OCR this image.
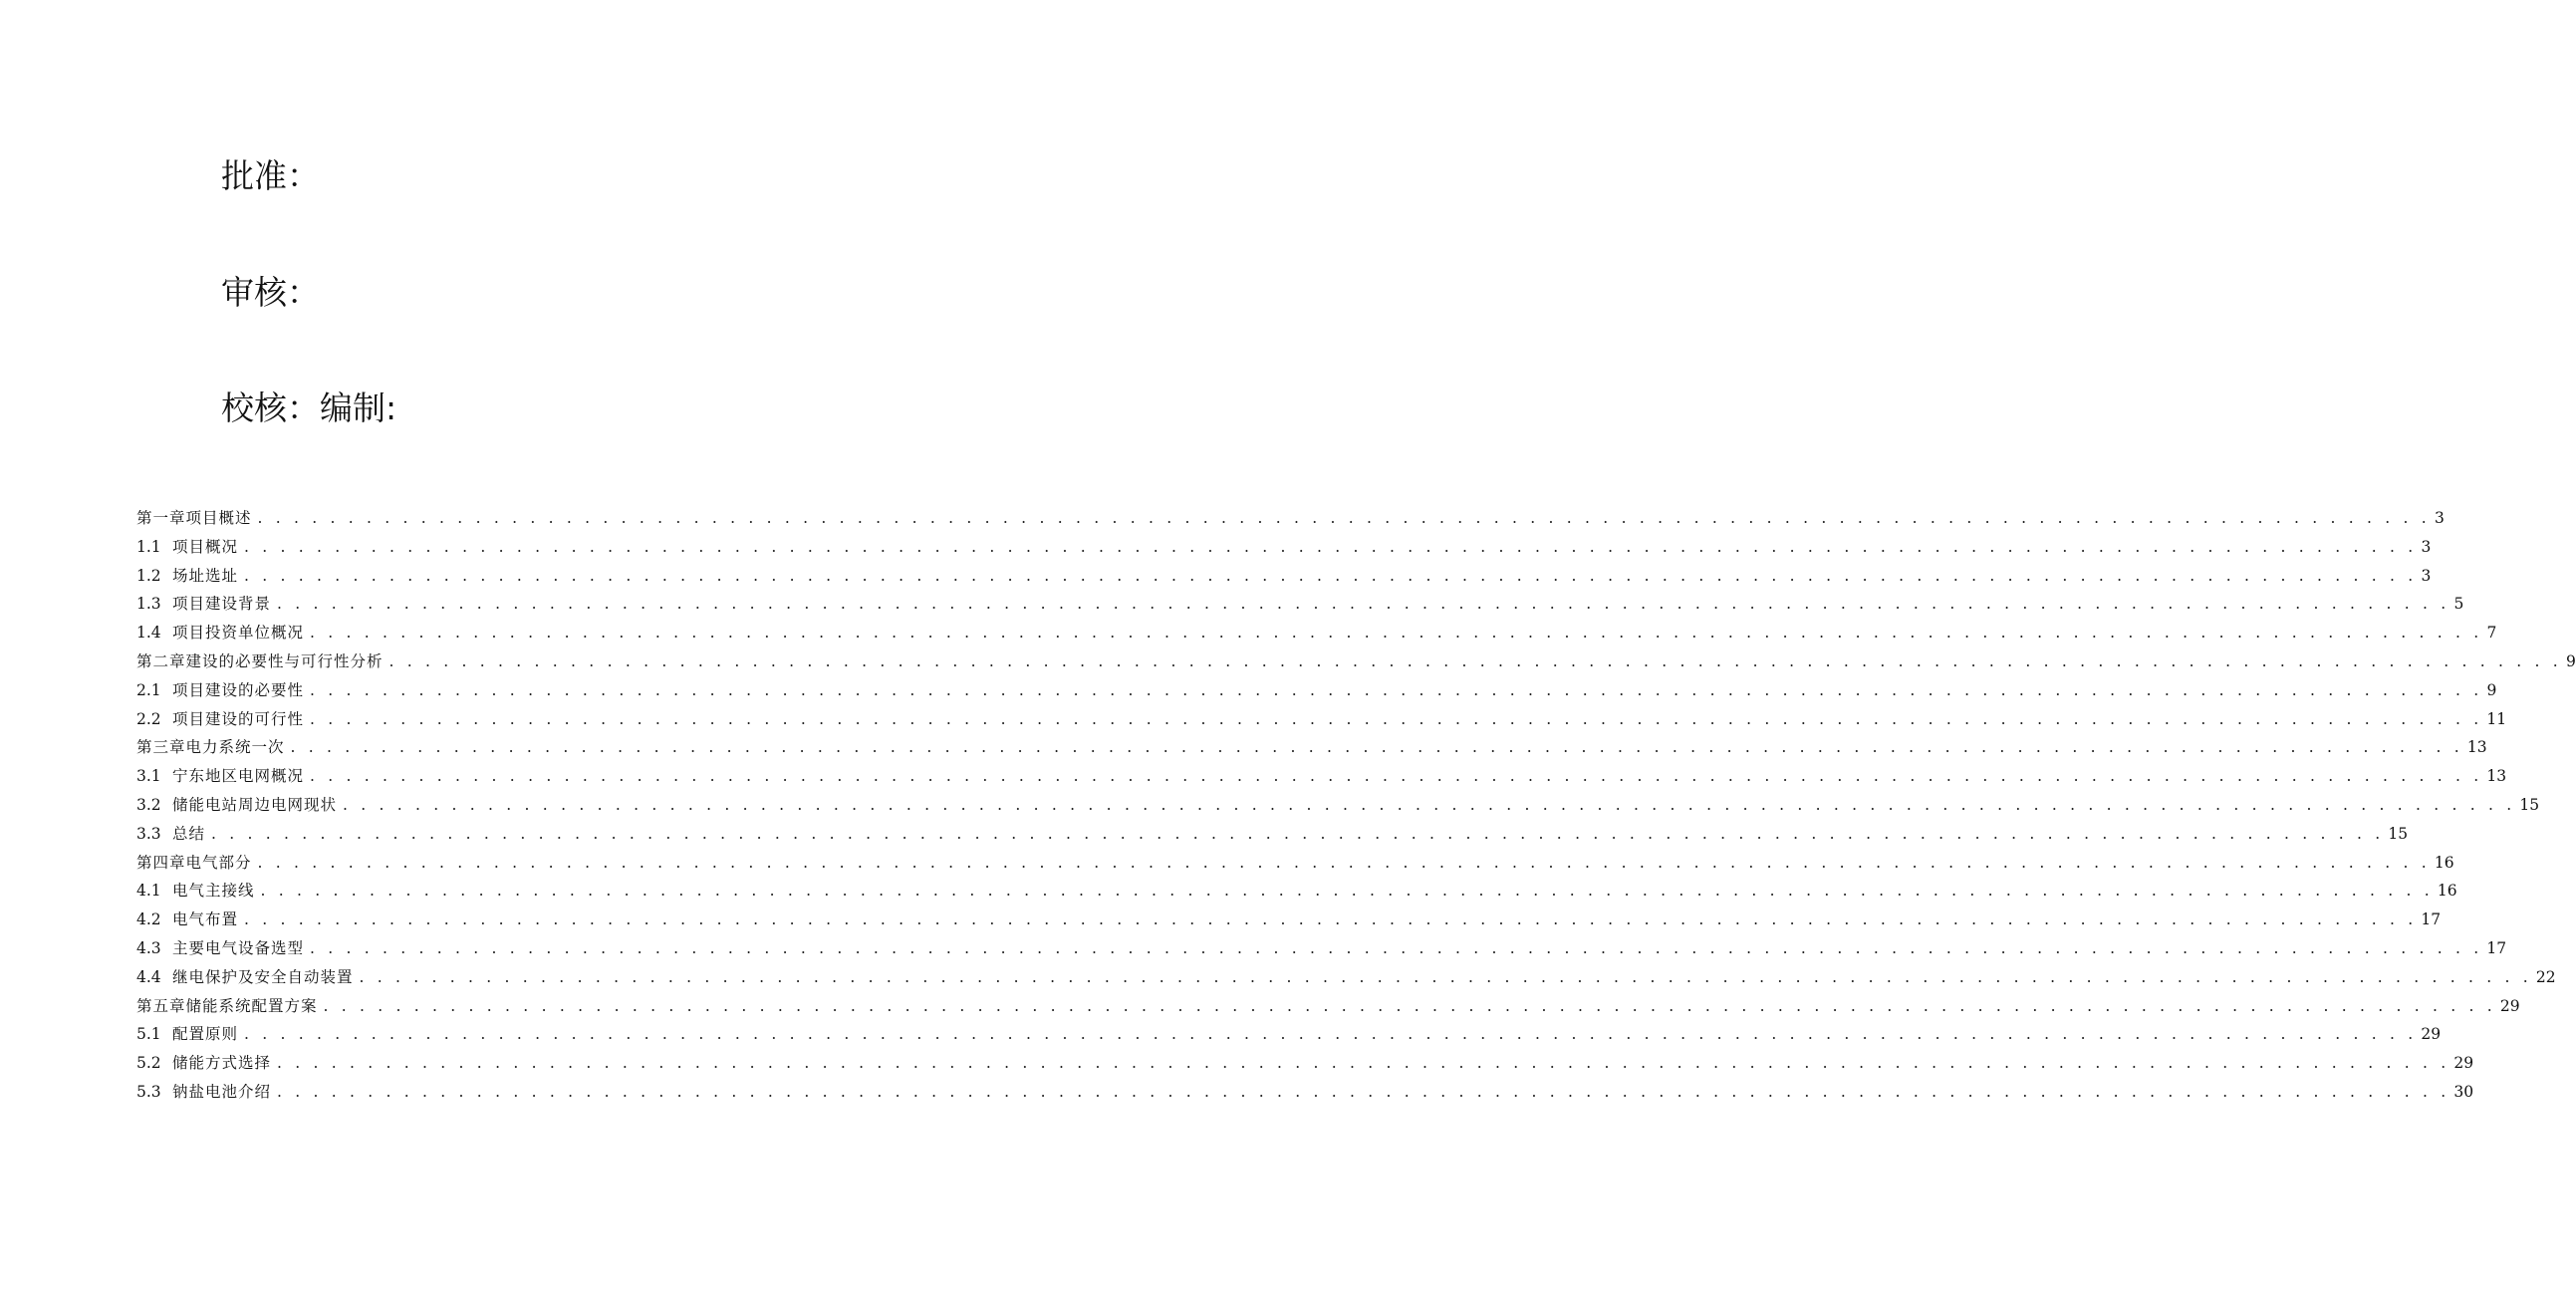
批准：
审核：
校核：编制:
第一章项目概述 . . . . . . . . . . . . . . . . . . . . . . . . . . . . . . . . . . . . . . . . . . . . . . . . . . . . . . . . . . . . . . . . . . . . . . . . . . . . . . . . . . . . . . . . . . . . . . . . . . . . . . . . . . . . . . . . . . . . . . . . 3
1.1 项目概况 . . . . . . . . . . . . . . . . . . . . . . . . . . . . . . . . . . . . . . . . . . . . . . . . . . . . . . . . . . . . . . . . . . . . . . . . . . . . . . . . . . . . . . . . . . . . . . . . . . . . . . . . . . . . . . . . . . . . . . . . 3
1.2 场址选址 . . . . . . . . . . . . . . . . . . . . . . . . . . . . . . . . . . . . . . . . . . . . . . . . . . . . . . . . . . . . . . . . . . . . . . . . . . . . . . . . . . . . . . . . . . . . . . . . . . . . . . . . . . . . . . . . . . . . . . . . 3
1.3 项目建设背景 . . . . . . . . . . . . . . . . . . . . . . . . . . . . . . . . . . . . . . . . . . . . . . . . . . . . . . . . . . . . . . . . . . . . . . . . . . . . . . . . . . . . . . . . . . . . . . . . . . . . . . . . . . . . . . . . . . . . . . . . 5
1.4 项目投资单位概况 . . . . . . . . . . . . . . . . . . . . . . . . . . . . . . . . . . . . . . . . . . . . . . . . . . . . . . . . . . . . . . . . . . . . . . . . . . . . . . . . . . . . . . . . . . . . . . . . . . . . . . . . . . . . . . . . . . . . . . . . 7
第二章建设的必要性与可行性分析 . . . . . . . . . . . . . . . . . . . . . . . . . . . . . . . . . . . . . . . . . . . . . . . . . . . . . . . . . . . . . . . . . . . . . . . . . . . . . . . . . . . . . . . . . . . . . . . . . . . . . . . . . . . . . . . . . . . . . . . . 9
2.1 项目建设的必要性 . . . . . . . . . . . . . . . . . . . . . . . . . . . . . . . . . . . . . . . . . . . . . . . . . . . . . . . . . . . . . . . . . . . . . . . . . . . . . . . . . . . . . . . . . . . . . . . . . . . . . . . . . . . . . . . . . . . . . . . . 9
2.2 项目建设的可行性 . . . . . . . . . . . . . . . . . . . . . . . . . . . . . . . . . . . . . . . . . . . . . . . . . . . . . . . . . . . . . . . . . . . . . . . . . . . . . . . . . . . . . . . . . . . . . . . . . . . . . . . . . . . . . . . . . . . . . . . . 11
第三章电力系统一次 . . . . . . . . . . . . . . . . . . . . . . . . . . . . . . . . . . . . . . . . . . . . . . . . . . . . . . . . . . . . . . . . . . . . . . . . . . . . . . . . . . . . . . . . . . . . . . . . . . . . . . . . . . . . . . . . . . . . . . . . 13
3.1 宁东地区电网概况 . . . . . . . . . . . . . . . . . . . . . . . . . . . . . . . . . . . . . . . . . . . . . . . . . . . . . . . . . . . . . . . . . . . . . . . . . . . . . . . . . . . . . . . . . . . . . . . . . . . . . . . . . . . . . . . . . . . . . . . . 13
3.2 储能电站周边电网现状 . . . . . . . . . . . . . . . . . . . . . . . . . . . . . . . . . . . . . . . . . . . . . . . . . . . . . . . . . . . . . . . . . . . . . . . . . . . . . . . . . . . . . . . . . . . . . . . . . . . . . . . . . . . . . . . . . . . . . . . . 15
3.3 总结 . . . . . . . . . . . . . . . . . . . . . . . . . . . . . . . . . . . . . . . . . . . . . . . . . . . . . . . . . . . . . . . . . . . . . . . . . . . . . . . . . . . . . . . . . . . . . . . . . . . . . . . . . . . . . . . . . . . . . . . . 15
第四章电气部分 . . . . . . . . . . . . . . . . . . . . . . . . . . . . . . . . . . . . . . . . . . . . . . . . . . . . . . . . . . . . . . . . . . . . . . . . . . . . . . . . . . . . . . . . . . . . . . . . . . . . . . . . . . . . . . . . . . . . . . . . 16
4.1 电气主接线 . . . . . . . . . . . . . . . . . . . . . . . . . . . . . . . . . . . . . . . . . . . . . . . . . . . . . . . . . . . . . . . . . . . . . . . . . . . . . . . . . . . . . . . . . . . . . . . . . . . . . . . . . . . . . . . . . . . . . . . . 16
4.2 电气布置 . . . . . . . . . . . . . . . . . . . . . . . . . . . . . . . . . . . . . . . . . . . . . . . . . . . . . . . . . . . . . . . . . . . . . . . . . . . . . . . . . . . . . . . . . . . . . . . . . . . . . . . . . . . . . . . . . . . . . . . . 17
4.3 主要电气设备选型 . . . . . . . . . . . . . . . . . . . . . . . . . . . . . . . . . . . . . . . . . . . . . . . . . . . . . . . . . . . . . . . . . . . . . . . . . . . . . . . . . . . . . . . . . . . . . . . . . . . . . . . . . . . . . . . . . . . . . . . . 17
4.4 继电保护及安全自动装置 . . . . . . . . . . . . . . . . . . . . . . . . . . . . . . . . . . . . . . . . . . . . . . . . . . . . . . . . . . . . . . . . . . . . . . . . . . . . . . . . . . . . . . . . . . . . . . . . . . . . . . . . . . . . . . . . . . . . . . . . 22
第五章储能系统配置方案 . . . . . . . . . . . . . . . . . . . . . . . . . . . . . . . . . . . . . . . . . . . . . . . . . . . . . . . . . . . . . . . . . . . . . . . . . . . . . . . . . . . . . . . . . . . . . . . . . . . . . . . . . . . . . . . . . . . . . . . . 29
5.1 配置原则 . . . . . . . . . . . . . . . . . . . . . . . . . . . . . . . . . . . . . . . . . . . . . . . . . . . . . . . . . . . . . . . . . . . . . . . . . . . . . . . . . . . . . . . . . . . . . . . . . . . . . . . . . . . . . . . . . . . . . . . . 29
5.2 储能方式选择 . . . . . . . . . . . . . . . . . . . . . . . . . . . . . . . . . . . . . . . . . . . . . . . . . . . . . . . . . . . . . . . . . . . . . . . . . . . . . . . . . . . . . . . . . . . . . . . . . . . . . . . . . . . . . . . . . . . . . . . . 29
5.3 钠盐电池介绍 . . . . . . . . . . . . . . . . . . . . . . . . . . . . . . . . . . . . . . . . . . . . . . . . . . . . . . . . . . . . . . . . . . . . . . . . . . . . . . . . . . . . . . . . . . . . . . . . . . . . . . . . . . . . . . . . . . . . . . . . 30
